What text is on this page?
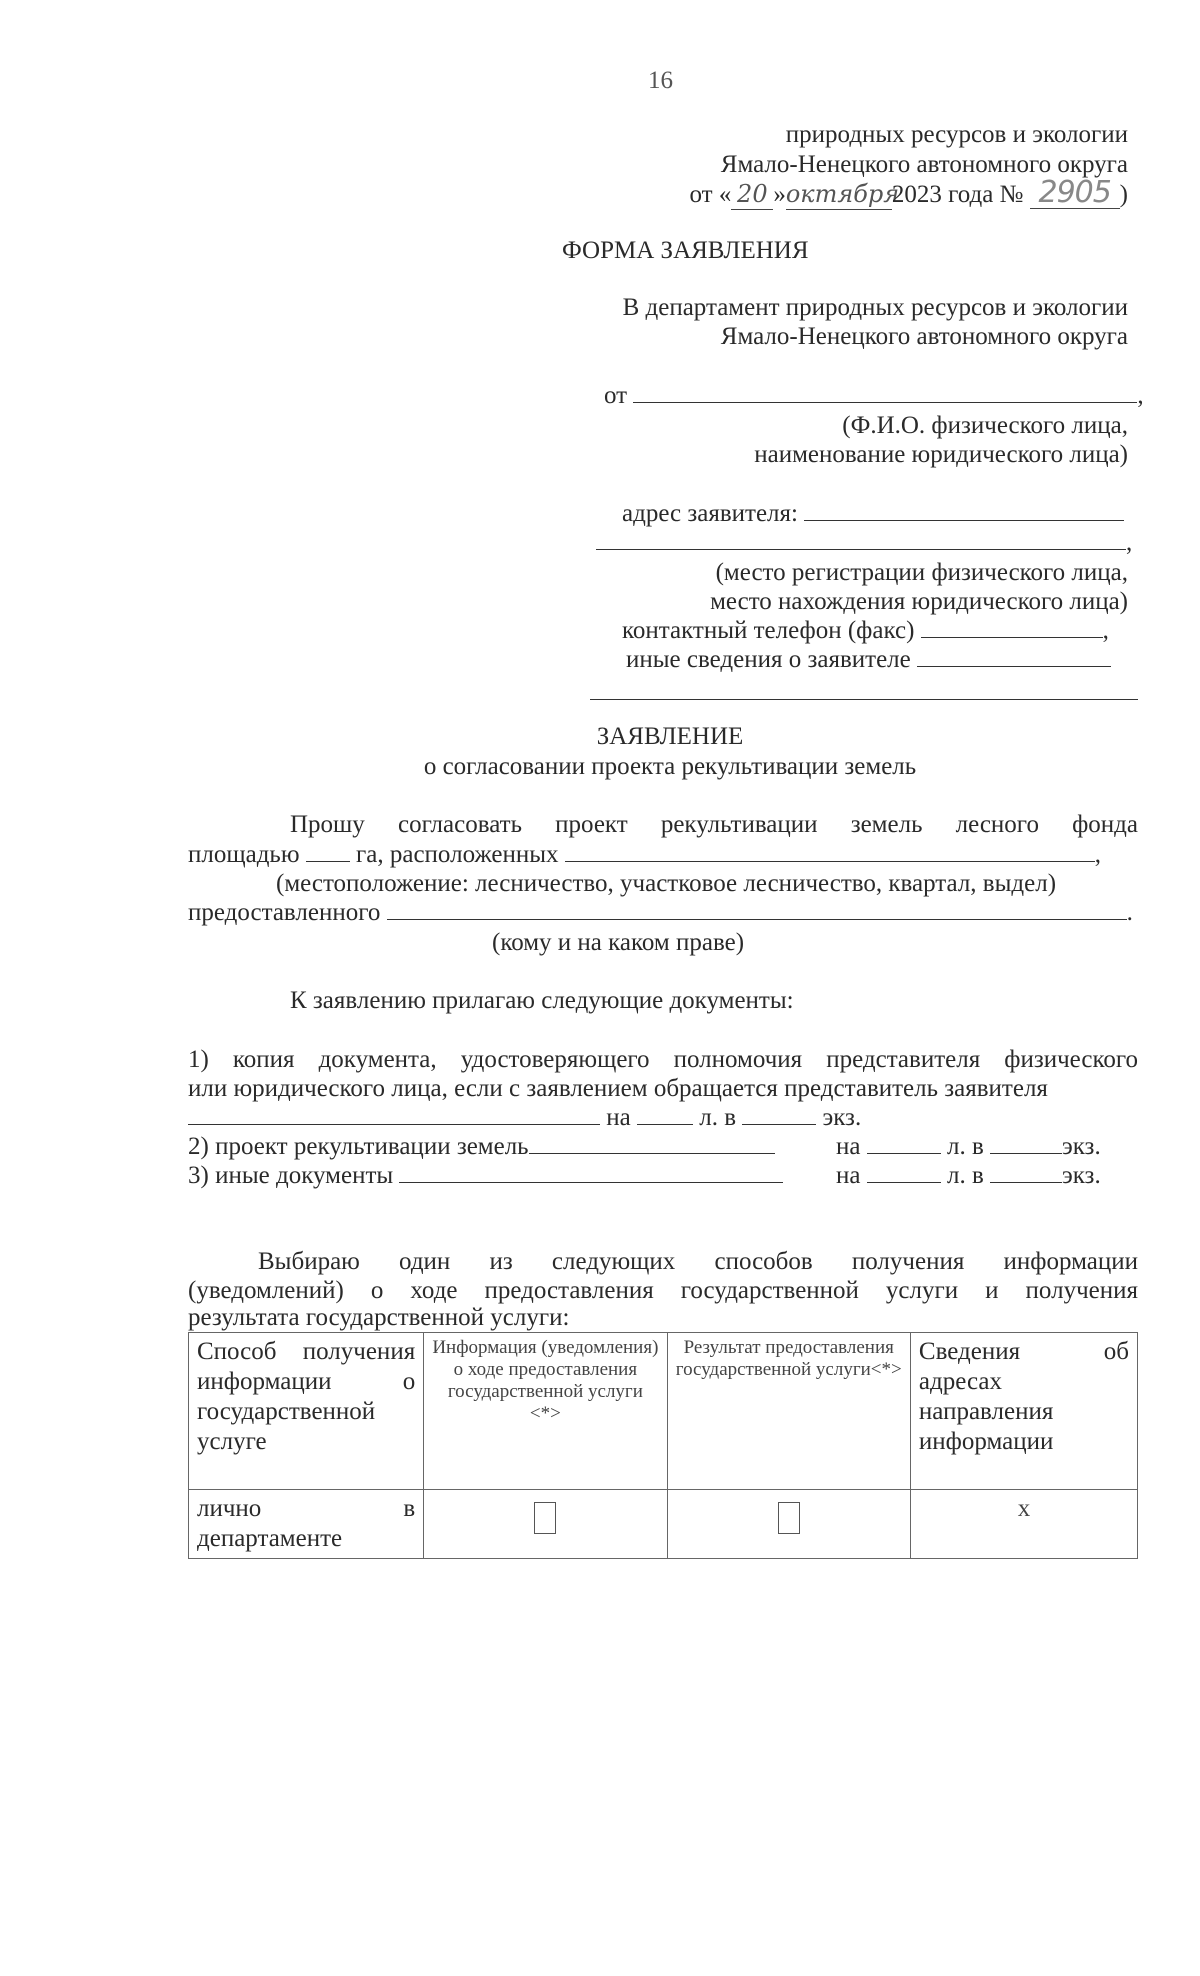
16
природных ресурсов и экологии
Ямало-Ненецкого автономного округа
от « 20 »октября2023 года № 2905 )
ФОРМА ЗАЯВЛЕНИЯ
В департамент природных ресурсов и экологии
Ямало-Ненецкого автономного округа
от	,
(Ф.И.О. физического лица,
наименование юридического лица)
адрес заявителя:
,
(место регистрации физического лица,
место нахождения юридического лица)
контактный телефон (факс)	,
иные сведения о заявителе
ЗАЯВЛЕНИЕ
о согласовании проекта рекультивации земель
Прошу согласовать проект рекультивации земель лесного фонда
площадью га, расположенных	,
(местоположение: лесничество, участковое лесничество, квартал, выдел)
предоставленного	.
(кому и на каком праве)
К заявлению прилагаю следующие документы:
1) копия документа, удостоверяющего полномочия представителя физического
или юридического лица, если с заявлением обращается представитель заявителя
на	л. в	экз.
2) проект рекультивации земель	на	л. в	экз.
3) иные документы	на	л. в	экз.
Выбираю один из следующих способов получения информации
(уведомлений) о ходе предоставления государственной услуги и получения
результата государственной услуги:
Способ получения информации о государственной услуге	Информация (уведомления) о ходе предоставления государственной услуги <*>	Результат предоставления государственной услуги<*>	Сведения об адресах направления информации

лично в департаменте			х
